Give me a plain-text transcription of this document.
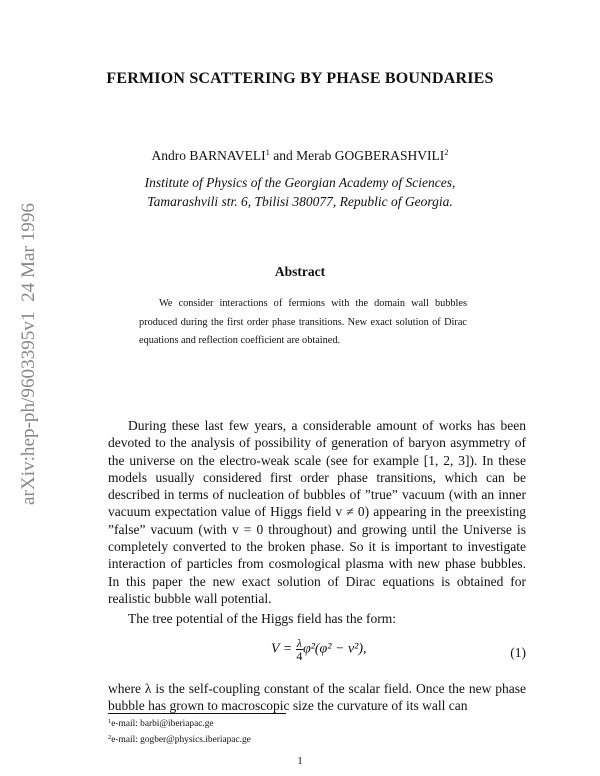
arXiv:hep-ph/9603395v1  24 Mar 1996
FERMION SCATTERING BY PHASE BOUNDARIES
Andro BARNAVELI$^1$ and Merab GOGBERASHVILI$^2$
Institute of Physics of the Georgian Academy of Sciences,
Tamarashvili str. 6, Tbilisi 380077, Republic of Georgia.
Abstract
We consider interactions of fermions with the domain wall bubbles produced during the first order phase transitions. New exact solution of Dirac equations and reflection coefficient are obtained.
During these last few years, a considerable amount of works has been devoted to the analysis of possibility of generation of baryon asymmetry of the universe on the electro-weak scale (see for example [1, 2, 3]). In these models usually considered first order phase transitions, which can be described in terms of nucleation of bubbles of ”true” vacuum (with an inner vacuum expectation value of Higgs field v ≠ 0) appearing in the preexisting ”false” vacuum (with v = 0 throughout) and growing until the Universe is completely converted to the broken phase. So it is important to investigate interaction of particles from cosmological plasma with new phase bubbles. In this paper the new exact solution of Dirac equations is obtained for realistic bubble wall potential.
The tree potential of the Higgs field has the form:
$V = \frac{\lambda}{4} \varphi^2(\varphi^2 - v^2)$,	(1)
where λ is the self-coupling constant of the scalar field. Once the new phase bubble has grown to macroscopic size the curvature of its wall can
$^1$e-mail: barbi@iberiapac.ge
$^2$e-mail: gogber@physics.iberiapac.ge
1
